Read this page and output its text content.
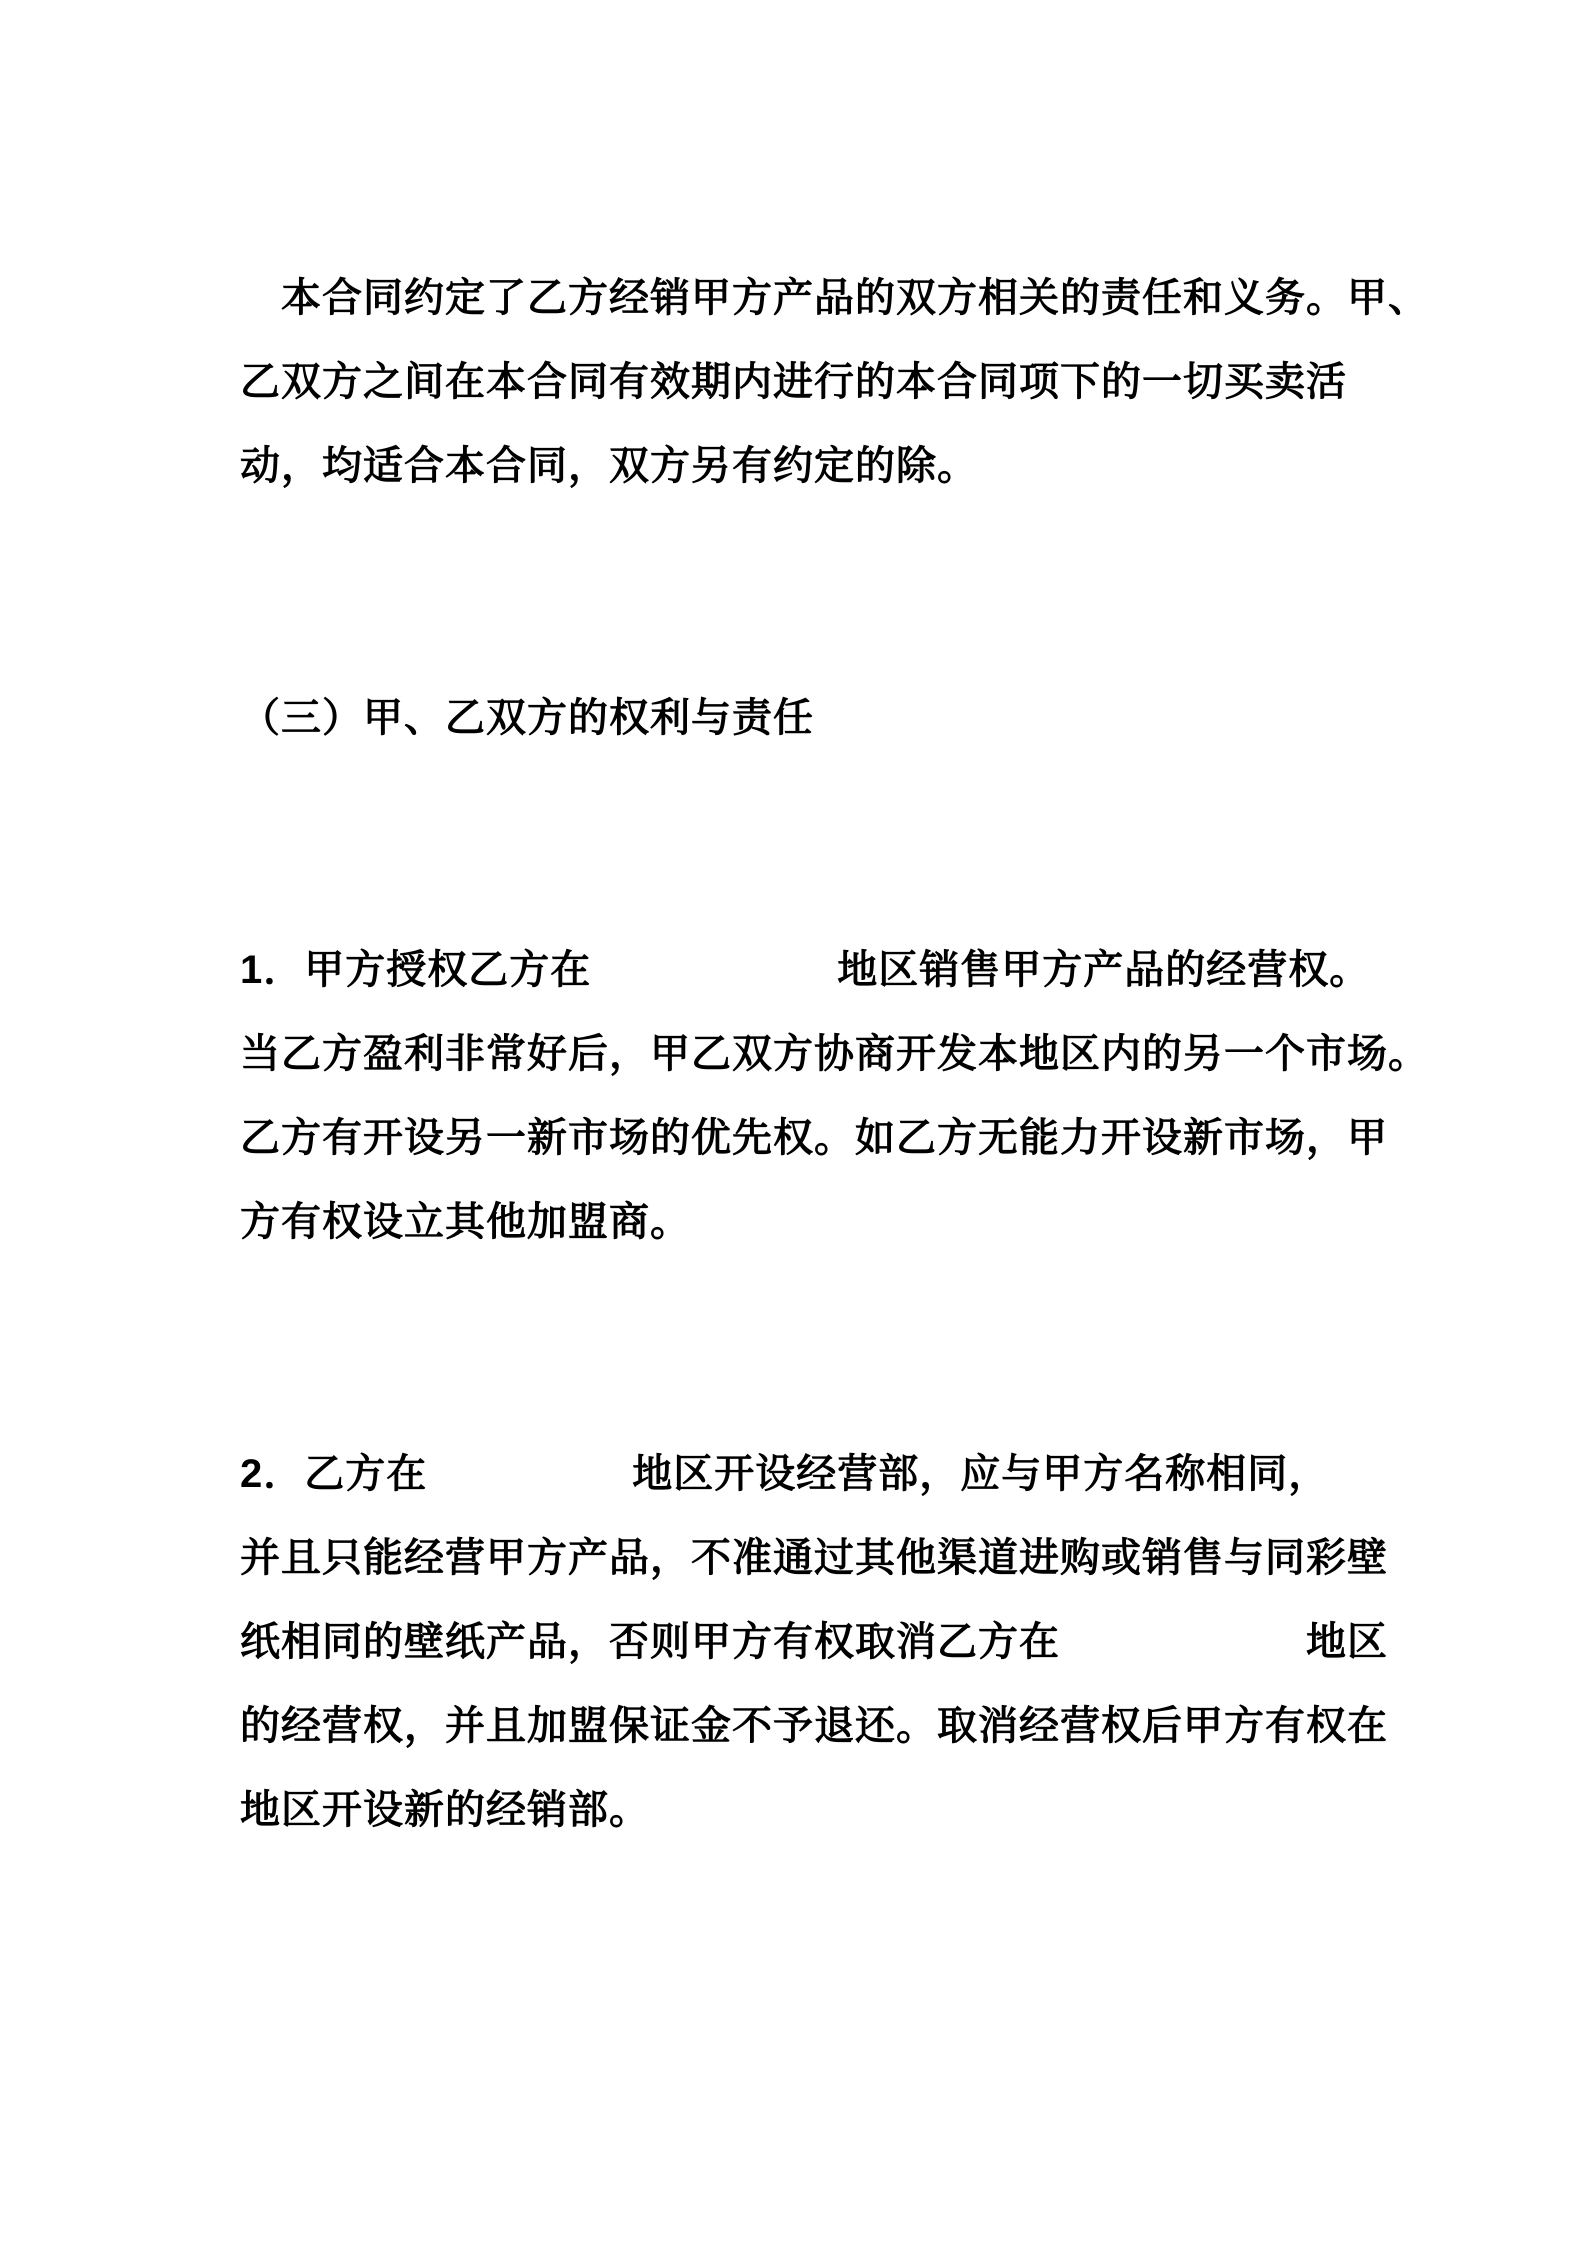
　本合同约定了乙方经销甲方产品的双方相关的责任和义务。甲、
乙双方之间在本合同有效期内进行的本合同项下的一切买卖活
动，均适合本合同，双方另有约定的除。
（三）甲、乙双方的权利与责任
1．甲方授权乙方在　　　　　　地区销售甲方产品的经营权。
当乙方盈利非常好后，甲乙双方协商开发本地区内的另一个市场。
乙方有开设另一新市场的优先权。如乙方无能力开设新市场，甲
方有权设立其他加盟商。
2．乙方在　　　　　地区开设经营部，应与甲方名称相同，
并且只能经营甲方产品，不准通过其他渠道进购或销售与同彩壁
纸相同的壁纸产品，否则甲方有权取消乙方在　　　　　　地区
的经营权，并且加盟保证金不予退还。取消经营权后甲方有权在
地区开设新的经销部。
